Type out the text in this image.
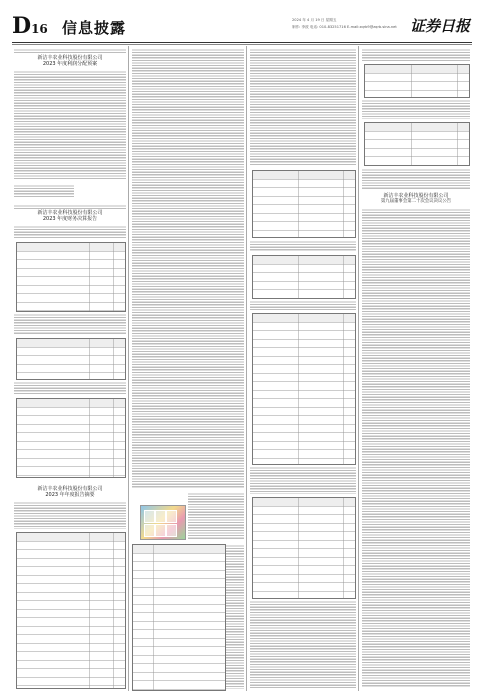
D16 信息披露	2024 年 4 月 19 日 星期五
制作: 李波 电话: 010-83251716 E-mail:zqrb9@zqrb.sina.net 证券日报
新洁丰农业科技股份有限公司
2023 年度利润分配预案
新洁丰农业科技股份有限公司
2023 年度财务决算报告
新洁丰农业科技股份有限公司
2023 年年度报告摘要
新洁丰农业科技股份有限公司
第九届董事会第二十次会议决议公告
